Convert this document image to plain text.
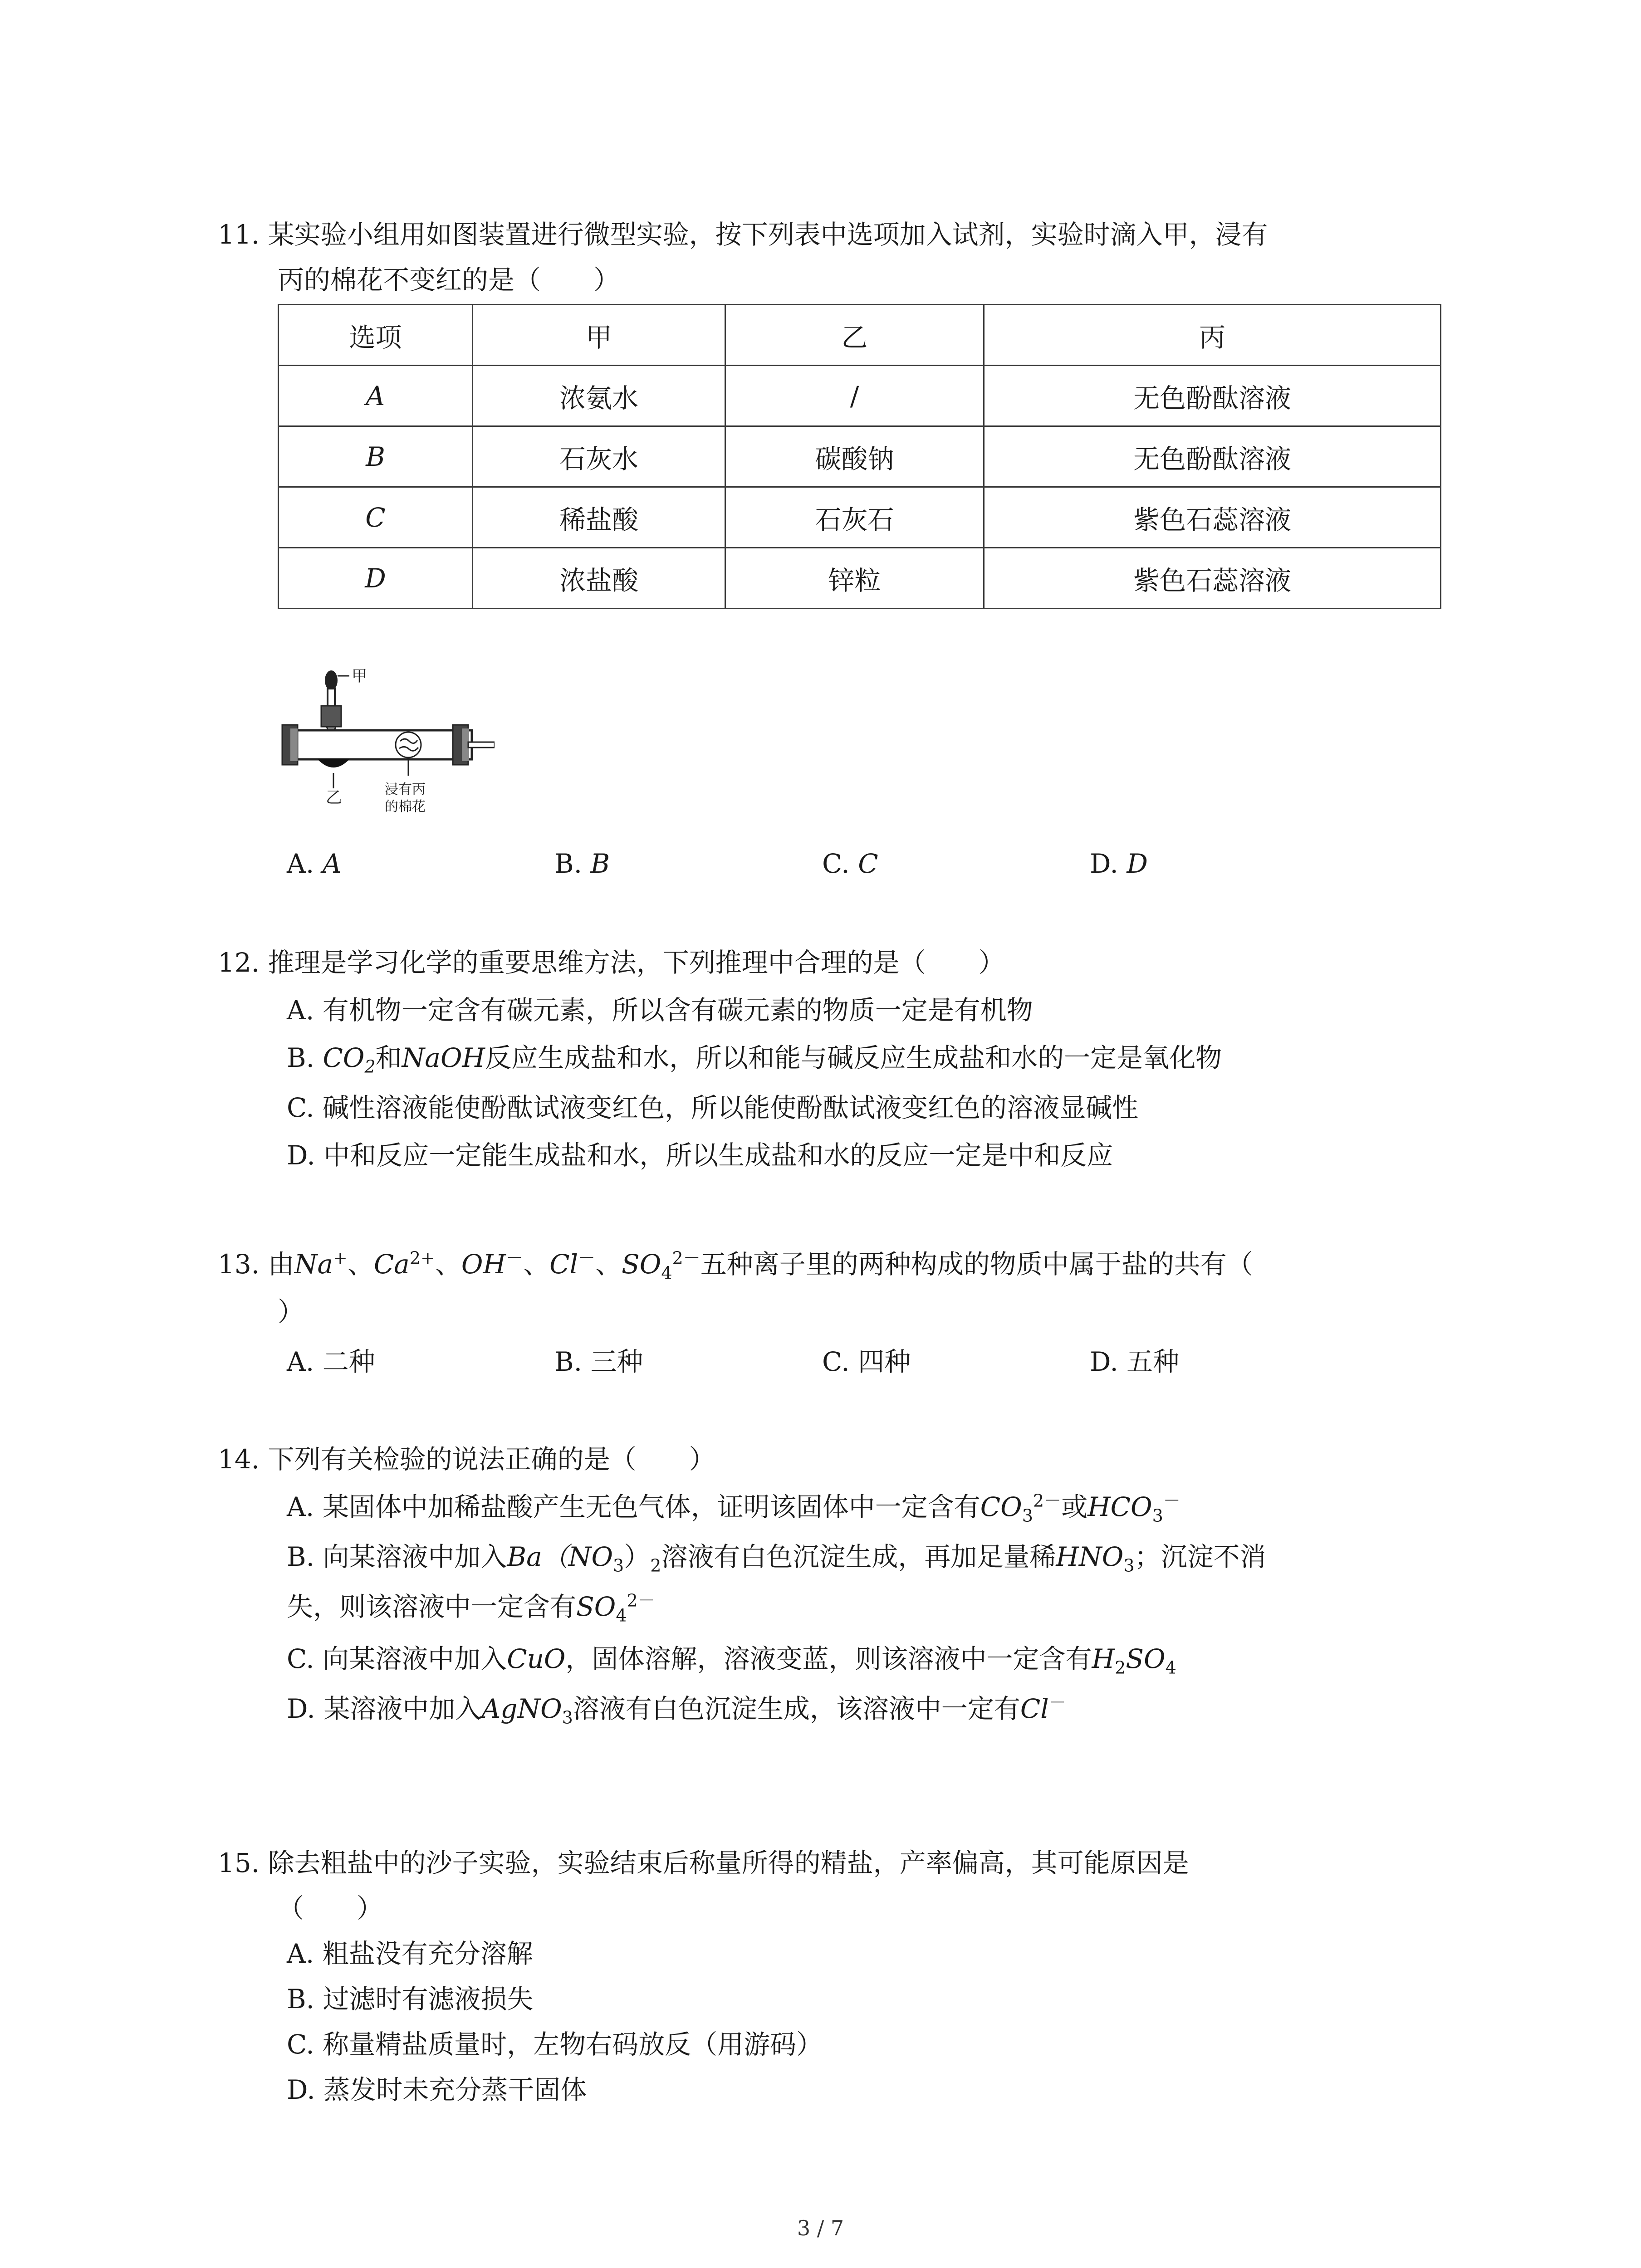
11. 某实验小组用如图装置进行微型实验，按下列表中选项加入试剂，实验时滴入甲，浸有
丙的棉花不变红的是（　　）
选项	甲	乙	丙
A	浓氨水	/	无色酚酞溶液
B	石灰水	碳酸钠	无色酚酞溶液
C	稀盐酸	石灰石	紫色石蕊溶液
D	浓盐酸	锌粒	紫色石蕊溶液
甲
乙	浸有丙
的棉花
A. A	B. B	C. C	D. D
12. 推理是学习化学的重要思维方法，下列推理中合理的是（　　）
A. 有机物一定含有碳元素，所以含有碳元素的物质一定是有机物
B. $CO_2$和NaOH反应生成盐和水，所以和能与碱反应生成盐和水的一定是氧化物
C. 碱性溶液能使酚酞试液变红色，所以能使酚酞试液变红色的溶液显碱性
D. 中和反应一定能生成盐和水，所以生成盐和水的反应一定是中和反应
13. 由Na+、$Ca^{2+}$、OH－、Cl－、$SO_4^{2-}$五种离子里的两种构成的物质中属于盐的共有（
）
A. 二种	B. 三种	C. 四种	D. 五种
14. 下列有关检验的说法正确的是（　　）
A. 某固体中加稀盐酸产生无色气体，证明该固体中一定含有$CO_3^{2-}$或$HCO_3^-$
B. 向某溶液中加入$Ba(NO_3)_2$溶液有白色沉淀生成，再加足量稀$HNO_3$；沉淀不消
失，则该溶液中一定含有$SO_4^{2-}$
C. 向某溶液中加入CuO，固体溶解，溶液变蓝，则该溶液中一定含有$H_2SO_4$
D. 某溶液中加入AgNO$_3$溶液有白色沉淀生成，该溶液中一定有Cl－
15. 除去粗盐中的沙子实验，实验结束后称量所得的精盐，产率偏高，其可能原因是
（　　）
A. 粗盐没有充分溶解
B. 过滤时有滤液损失
C. 称量精盐质量时，左物右码放反（用游码）
D. 蒸发时未充分蒸干固体
3 / 7
